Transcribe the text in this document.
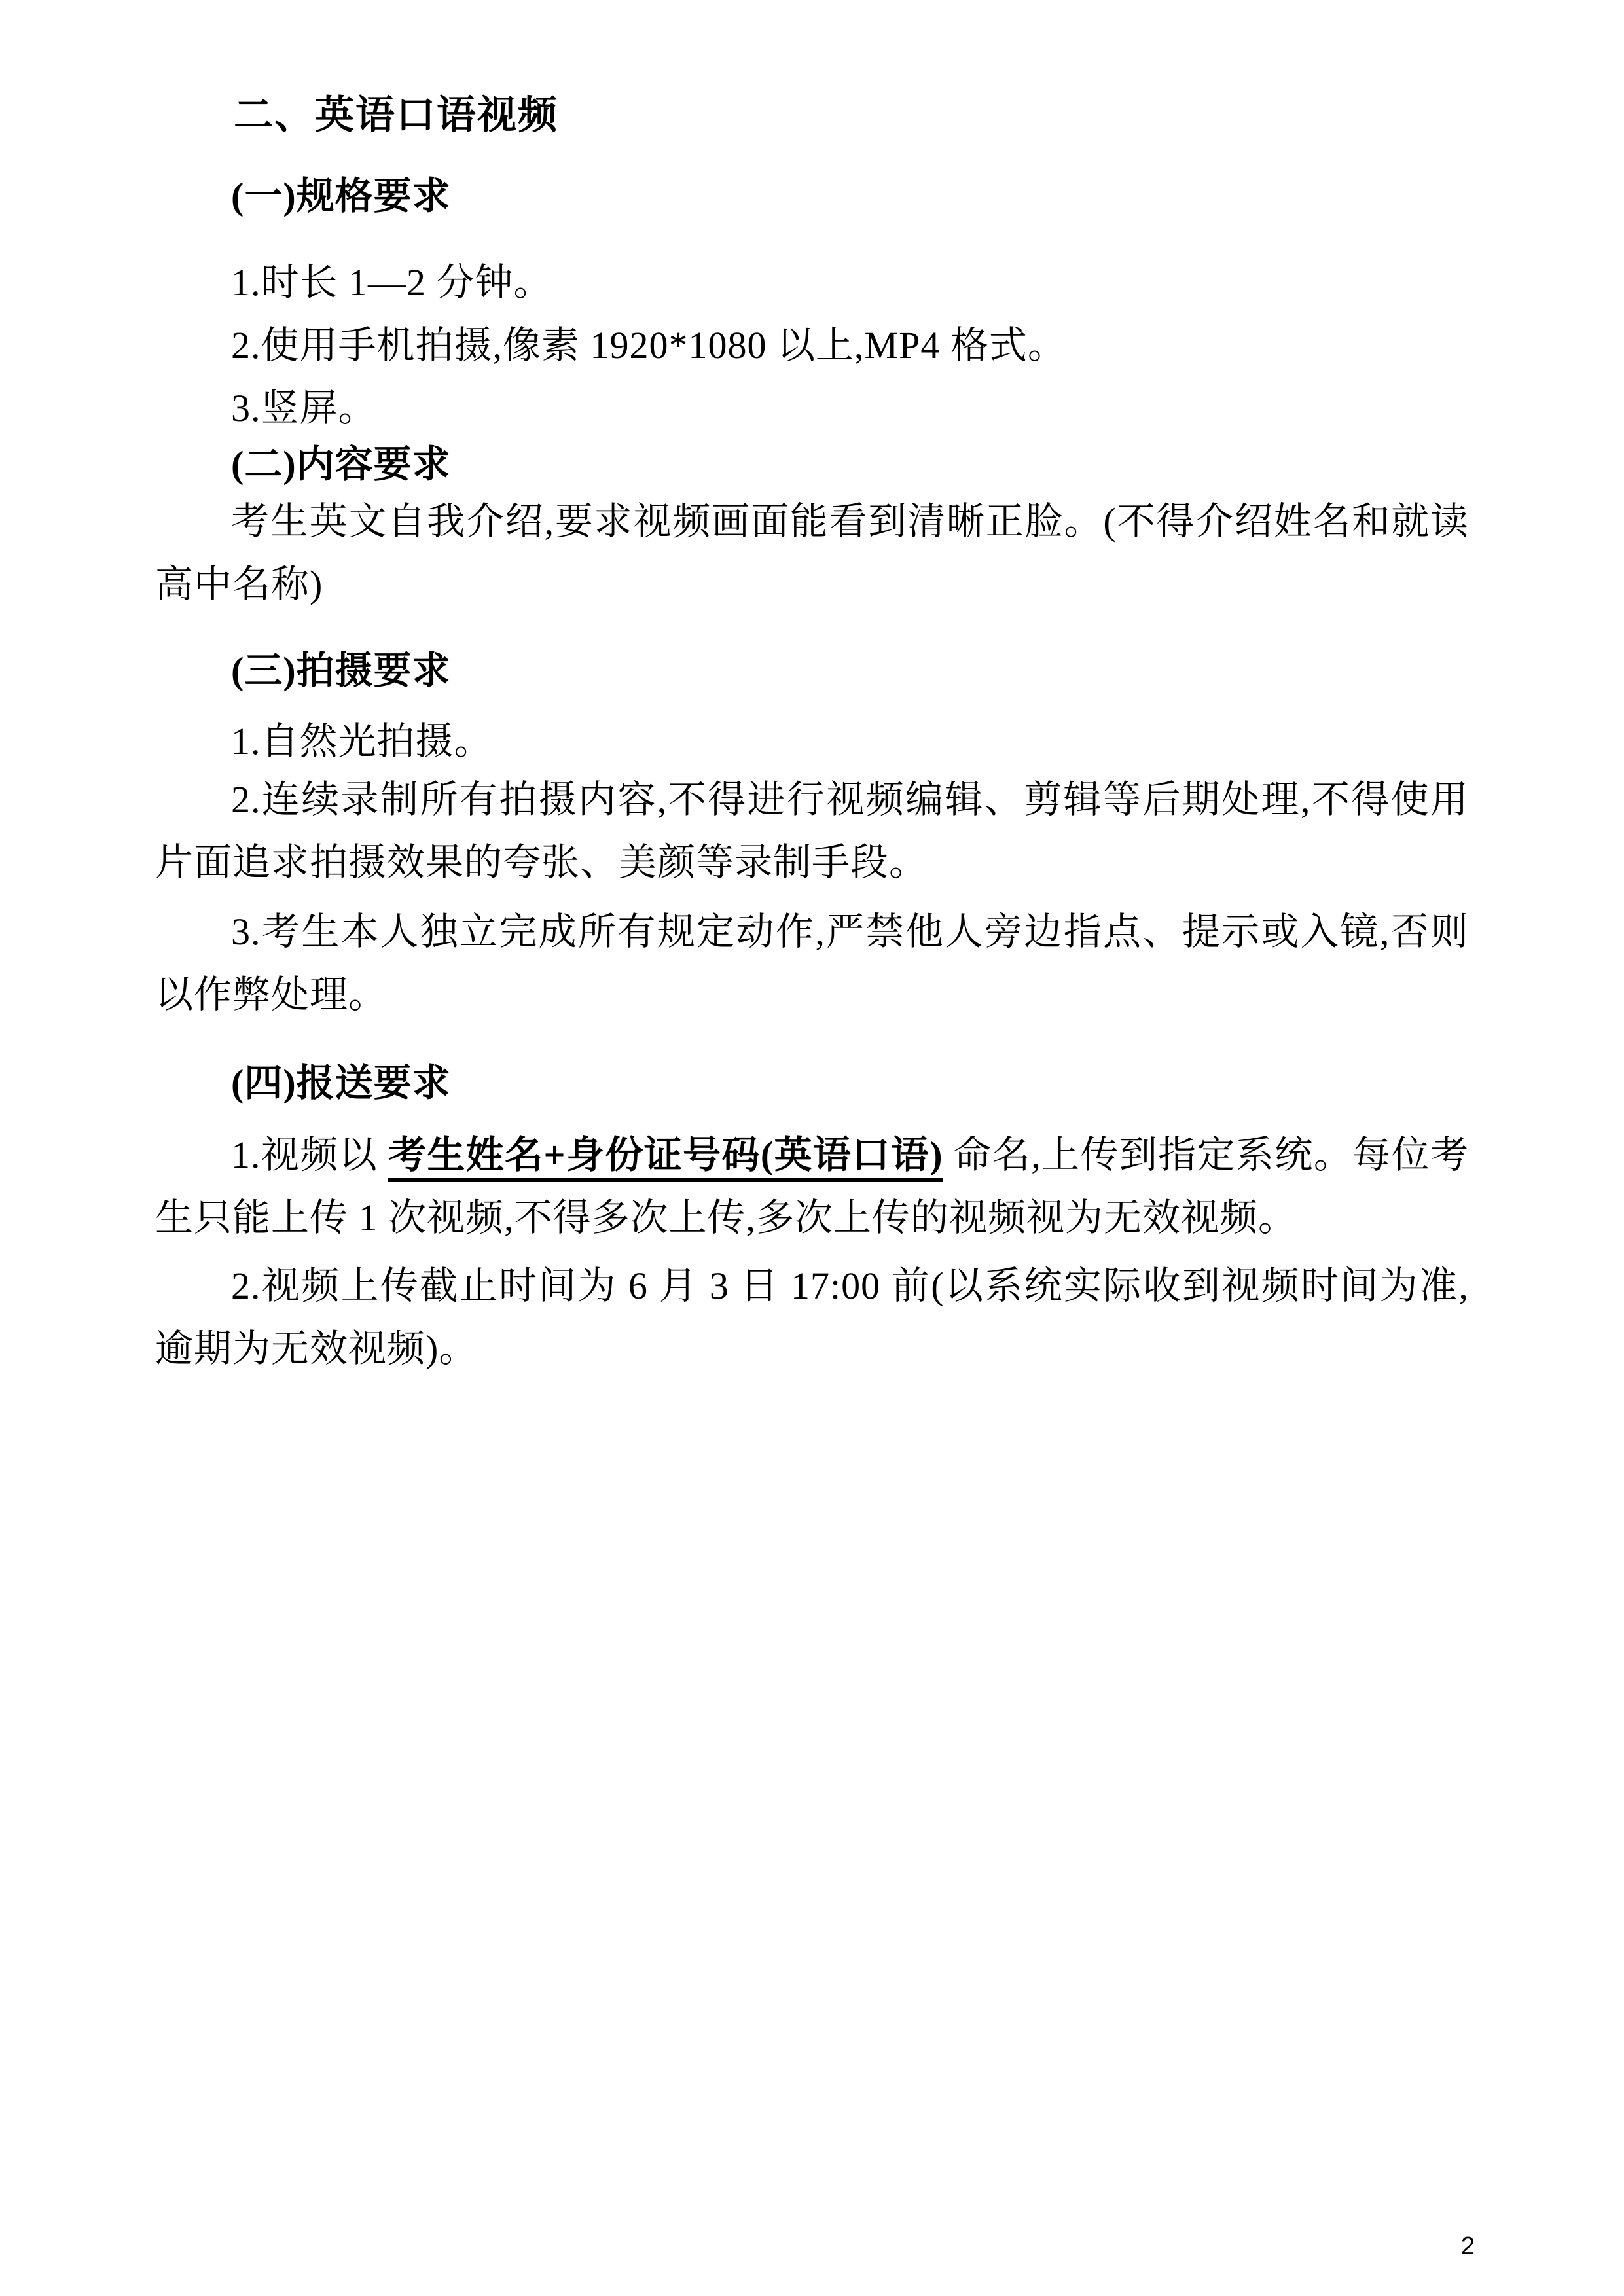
二、英语口语视频
(一)规格要求

1.时长 1—2 分钟。

2.使用手机拍摄,像素 1920*1080 以上,MP4 格式。

3.竖屏。

(二)内容要求

考生英文自我介绍,要求视频画面能看到清晰正脸。(不得介绍姓名和就读高中名称)

(三)拍摄要求

1.自然光拍摄。

2.连续录制所有拍摄内容,不得进行视频编辑、剪辑等后期处理,不得使用片面追求拍摄效果的夸张、美颜等录制手段。

3.考生本人独立完成所有规定动作,严禁他人旁边指点、提示或入镜,否则以作弊处理。

(四)报送要求

1.视频以 考生姓名+身份证号码(英语口语) 命名,上传到指定系统。每位考生只能上传 1 次视频,不得多次上传,多次上传的视频视为无效视频。

2.视频上传截止时间为 6 月 3 日 17:00 前(以系统实际收到视频时间为准,逾期为无效视频)。

2
